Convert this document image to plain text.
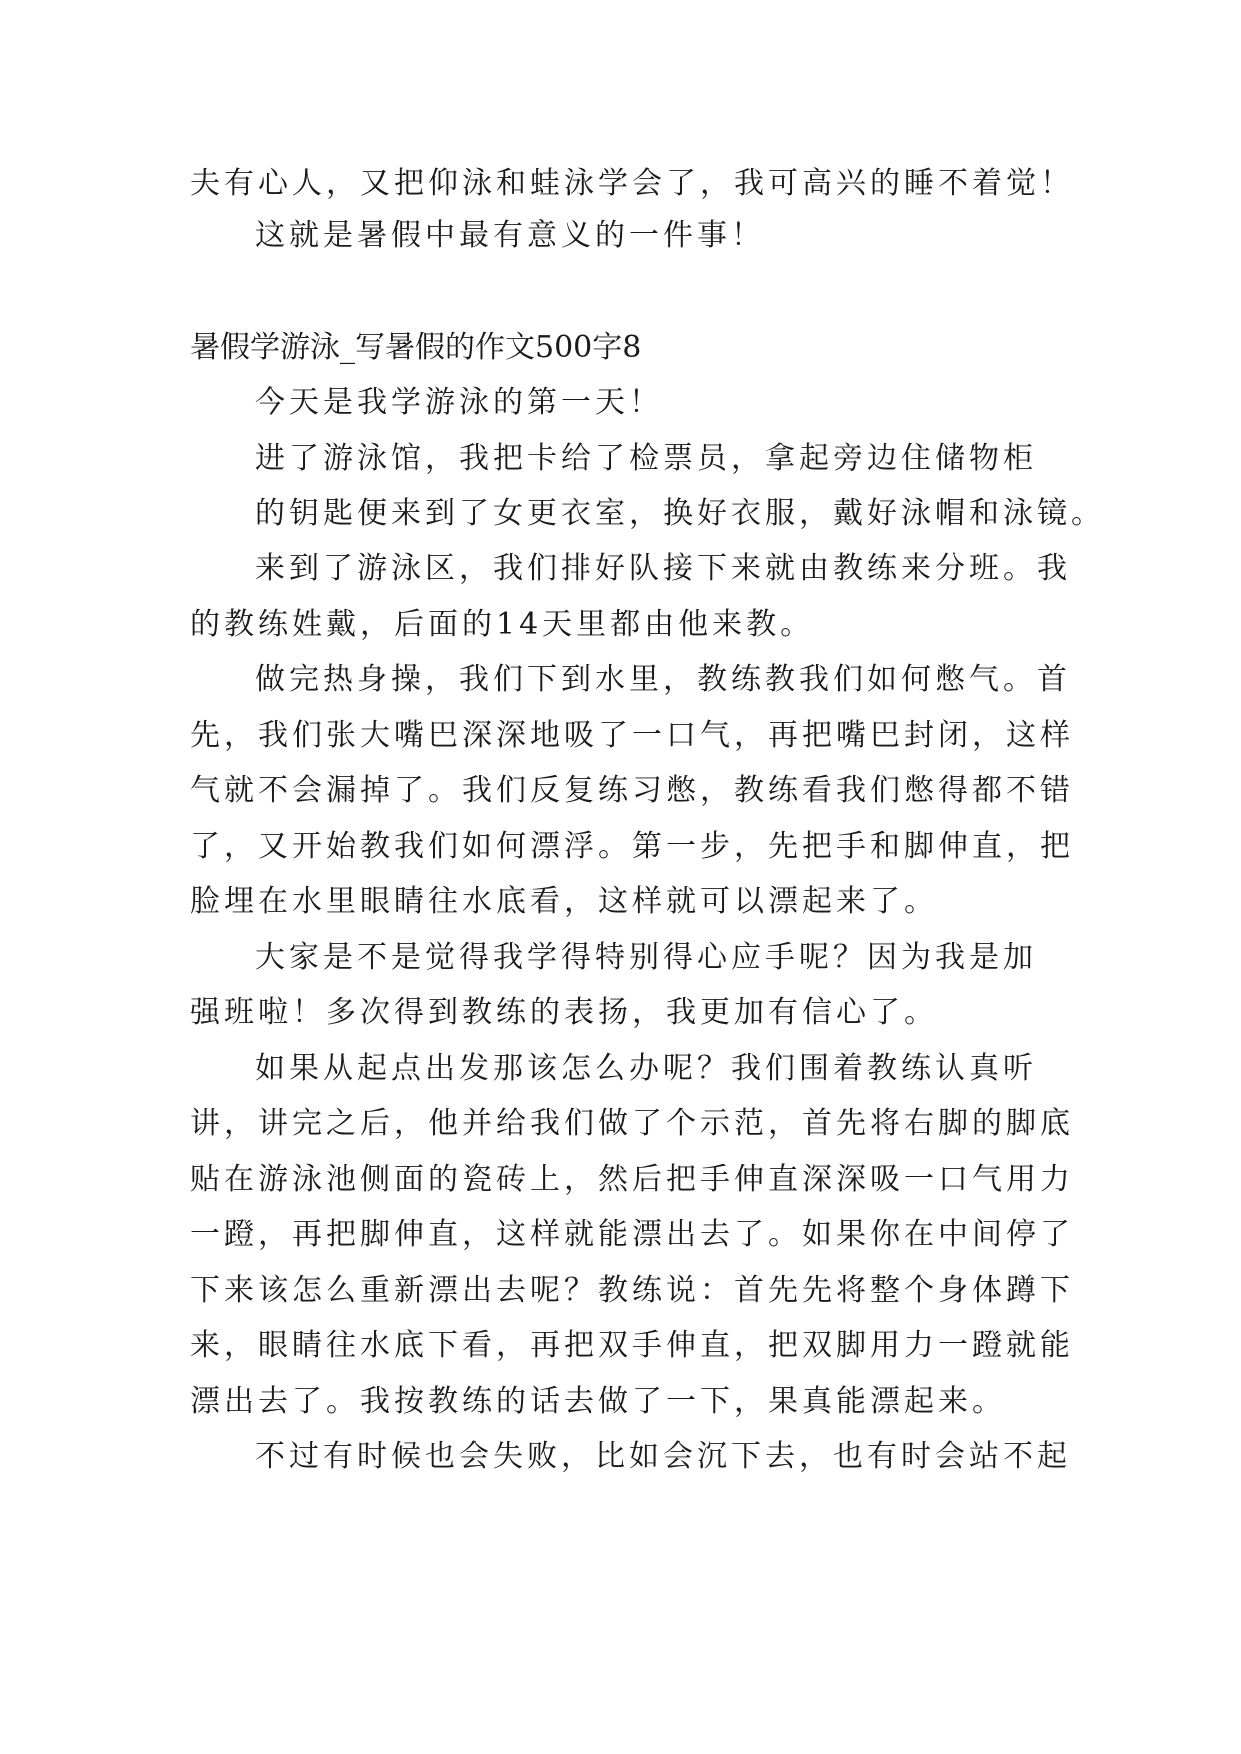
夫有心人，又把仰泳和蛙泳学会了，我可高兴的睡不着觉！
这就是暑假中最有意义的一件事！
暑假学游泳_写暑假的作文500字8
今天是我学游泳的第一天！
进了游泳馆，我把卡给了检票员，拿起旁边住储物柜
的钥匙便来到了女更衣室，换好衣服，戴好泳帽和泳镜。
来到了游泳区，我们排好队接下来就由教练来分班。我
的教练姓戴，后面的14天里都由他来教。
做完热身操，我们下到水里，教练教我们如何憋气。首
先，我们张大嘴巴深深地吸了一口气，再把嘴巴封闭，这样
气就不会漏掉了。我们反复练习憋，教练看我们憋得都不错
了，又开始教我们如何漂浮。第一步，先把手和脚伸直，把
脸埋在水里眼睛往水底看，这样就可以漂起来了。
大家是不是觉得我学得特别得心应手呢？因为我是加
强班啦！多次得到教练的表扬，我更加有信心了。
如果从起点出发那该怎么办呢？我们围着教练认真听
讲，讲完之后，他并给我们做了个示范，首先将右脚的脚底
贴在游泳池侧面的瓷砖上，然后把手伸直深深吸一口气用力
一蹬，再把脚伸直，这样就能漂出去了。如果你在中间停了
下来该怎么重新漂出去呢？教练说：首先先将整个身体蹲下
来，眼睛往水底下看，再把双手伸直，把双脚用力一蹬就能
漂出去了。我按教练的话去做了一下，果真能漂起来。
不过有时候也会失败，比如会沉下去，也有时会站不起
